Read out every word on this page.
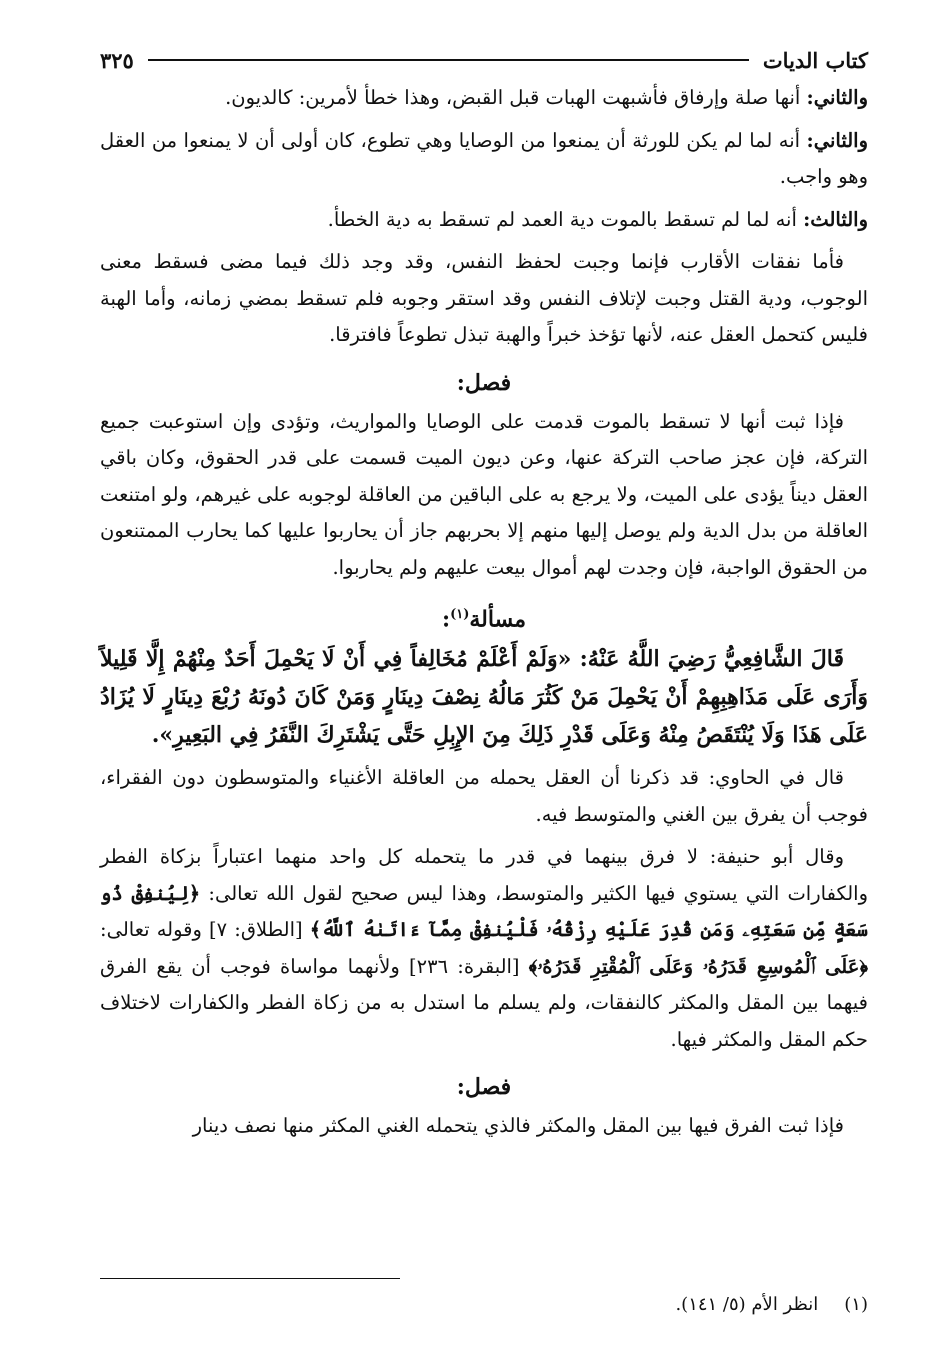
كتاب الديات
٣٢٥

والثاني: أنها صلة وإرفاق فأشبهت الهبات قبل القبض، وهذا خطأ لأمرين: كالديون.

والثاني: أنه لما لم يكن للورثة أن يمنعوا من الوصايا وهي تطوع، كان أولى أن لا يمنعوا من العقل وهو واجب.

والثالث: أنه لما لم تسقط بالموت دية العمد لم تسقط به دية الخطأ.

فأما نفقات الأقارب فإنما وجبت لحفظ النفس، وقد وجد ذلك فيما مضى فسقط معنى الوجوب، ودية القتل وجبت لإتلاف النفس وقد استقر وجوبه فلم تسقط بمضي زمانه، وأما الهبة فليس كتحمل العقل عنه، لأنها تؤخذ خبراً والهبة تبذل تطوعاً فافترقا.

فصل:

فإذا ثبت أنها لا تسقط بالموت قدمت على الوصايا والمواريث، وتؤدى وإن استوعبت جميع التركة، فإن عجز صاحب التركة عنها، وعن ديون الميت قسمت على قدر الحقوق، وكان باقي العقل ديناً يؤدى على الميت، ولا يرجع به على الباقين من العاقلة لوجوبه على غيرهم، ولو امتنعت العاقلة من بدل الدية ولم يوصل إليها منهم إلا بحربهم جاز أن يحاربوا عليها كما يحارب الممتنعون من الحقوق الواجبة، فإن وجدت لهم أموال بيعت عليهم ولم يحاربوا.

مسألة$^{(١)}$:

قَالَ الشَّافِعِيُّ رَضِيَ اللَّهُ عَنْهُ: «وَلَمْ أَعْلَمْ مُخَالِفاً فِي أَنْ لَا يَحْمِلَ أَحَدٌ مِنْهُمْ إِلَّا قَلِيلاً وَأَرَى عَلَى مَذَاهِبِهِمْ أَنْ يَحْمِلَ مَنْ كَثُرَ مَالُهُ نِصْفَ دِينَارٍ وَمَنْ كَانَ دُونَهُ رُبْعَ دِينَارٍ لَا يُزَادُ عَلَى هَذَا وَلَا يُنْتَقَصُ مِنْهُ وَعَلَى قَدْرِ ذَلِكَ مِنَ الإِبِلِ حَتَّى يَشْتَرِكَ النَّفَرُ فِي البَعِيرِ».

قال في الحاوي: قد ذكرنا أن العقل يحمله من العاقلة الأغنياء والمتوسطون دون الفقراء، فوجب أن يفرق بين الغني والمتوسط فيه.

وقال أبو حنيفة: لا فرق بينهما في قدر ما يتحمله كل واحد منهما اعتباراً بزكاة الفطر والكفارات التي يستوي فيها الكثير والمتوسط، وهذا ليس صحيح لقول الله تعالى: ﴿لِيُنفِقْ ذُو سَعَةٍ مِّن سَعَتِهِۦ وَمَن قُدِرَ عَلَيْهِ رِزْقُهُۥ فَلْيُنفِقْ مِمَّآ ءَاتَىٰهُ ٱللَّهُ﴾ [الطلاق: ٧] وقوله تعالى: ﴿عَلَى ٱلْمُوسِعِ قَدَرُهُۥ وَعَلَى ٱلْمُقْتِرِ قَدَرُهُۥ﴾ [البقرة: ٢٣٦] ولأنهما مواساة فوجب أن يقع الفرق فيهما بين المقل والمكثر كالنفقات، ولم يسلم ما استدل به من زكاة الفطر والكفارات لاختلاف حكم المقل والمكثر فيها.

فصل:

فإذا ثبت الفرق فيها بين المقل والمكثر فالذي يتحمله الغني المكثر منها نصف دينار

(١)انظر الأم (٥/ ١٤١).
